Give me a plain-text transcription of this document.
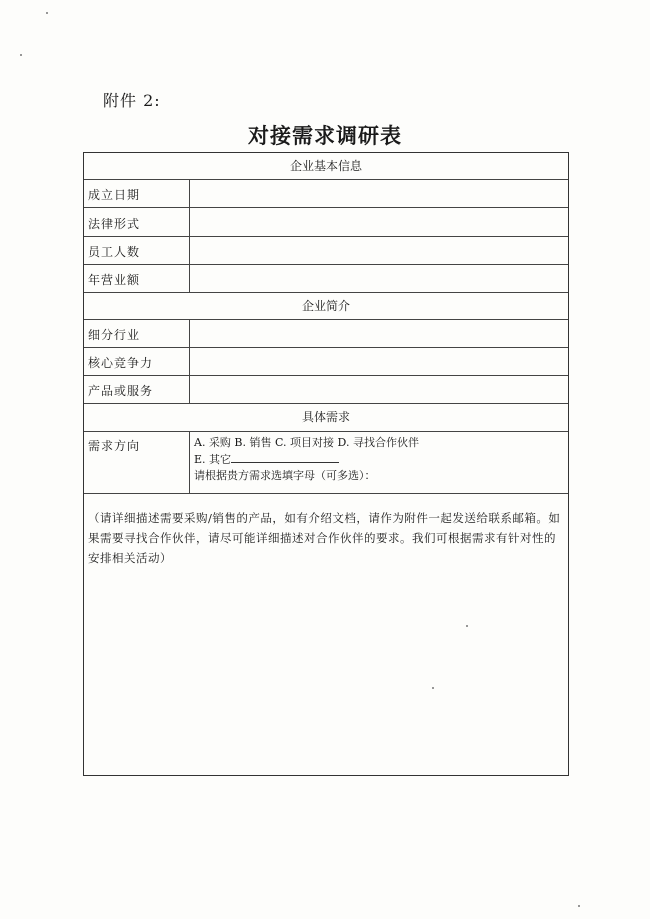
附件 2:
对接需求调研表
企业基本信息
成立日期
法律形式
员工人数
年营业额
企业简介
细分行业
核心竞争力
产品或服务
具体需求
需求方向	A. 采购 B. 销售 C. 项目对接 D. 寻找合作伙伴
E. 其它
请根据贵方需求选填字母（可多选）：
（请详细描述需要采购/销售的产品，如有介绍文档，请作为附件一起发送给联系邮箱。如果需要寻找合作伙伴，请尽可能详细描述对合作伙伴的要求。我们可根据需求有针对性的安排相关活动）
